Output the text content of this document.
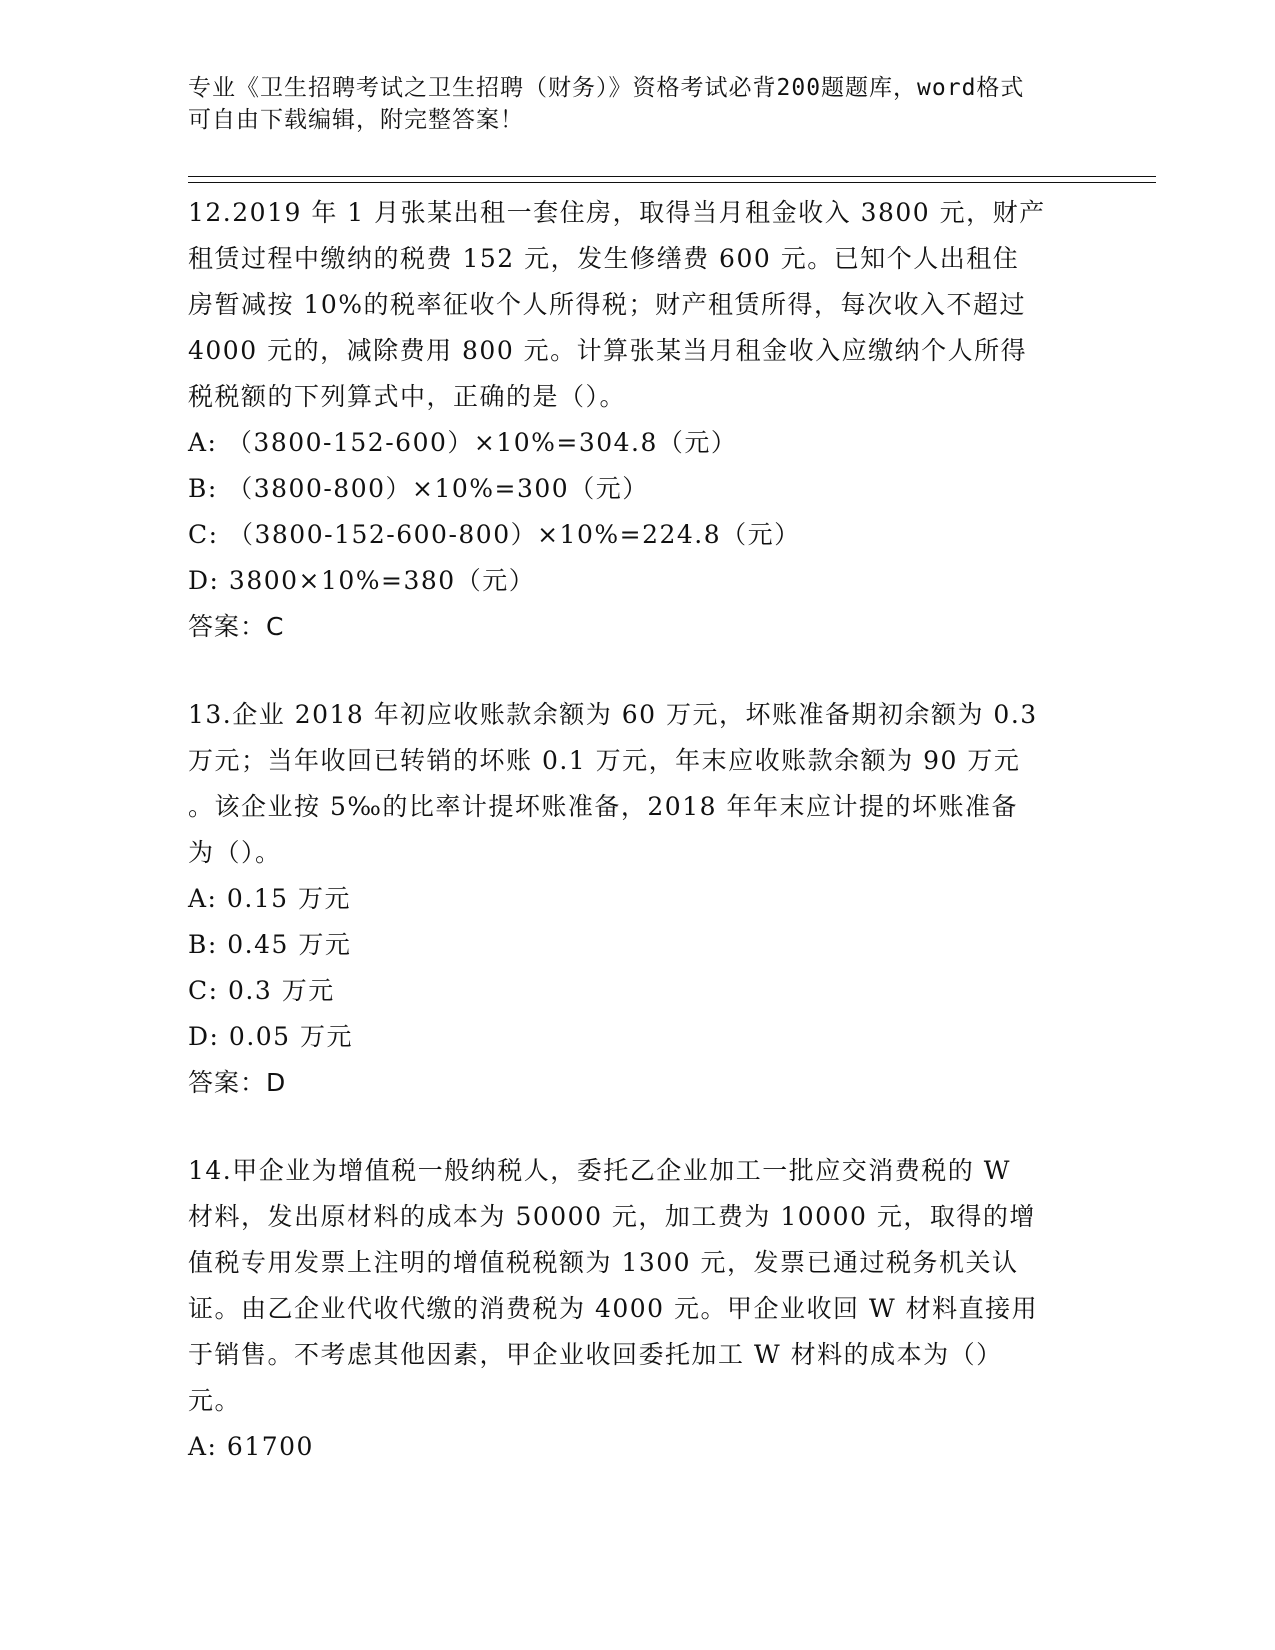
专业《卫生招聘考试之卫生招聘（财务）》资格考试必背200题题库，word格式
可自由下载编辑，附完整答案！
12.2019 年 1 月张某出租一套住房，取得当月租金收入 3800 元，财产
租赁过程中缴纳的税费 152 元，发生修缮费 600 元。已知个人出租住
房暂减按 10%的税率征收个人所得税；财产租赁所得，每次收入不超过
4000 元的，减除费用 800 元。计算张某当月租金收入应缴纳个人所得
税税额的下列算式中，正确的是（）。
A: （3800-152-600）×10%=304.8（元）
B: （3800-800）×10%=300（元）
C: （3800-152-600-800）×10%=224.8（元）
D: 3800×10%=380（元）
答案：C
13.企业 2018 年初应收账款余额为 60 万元，坏账准备期初余额为 0.3
万元；当年收回已转销的坏账 0.1 万元，年末应收账款余额为 90 万元
。该企业按 5‰的比率计提坏账准备，2018 年年末应计提的坏账准备
为（）。
A: 0.15 万元
B: 0.45 万元
C: 0.3 万元
D: 0.05 万元
答案：D
14.甲企业为增值税一般纳税人，委托乙企业加工一批应交消费税的 W
材料，发出原材料的成本为 50000 元，加工费为 10000 元，取得的增
值税专用发票上注明的增值税税额为 1300 元，发票已通过税务机关认
证。由乙企业代收代缴的消费税为 4000 元。甲企业收回 W 材料直接用
于销售。不考虑其他因素，甲企业收回委托加工 W 材料的成本为（）
元。
A: 61700
